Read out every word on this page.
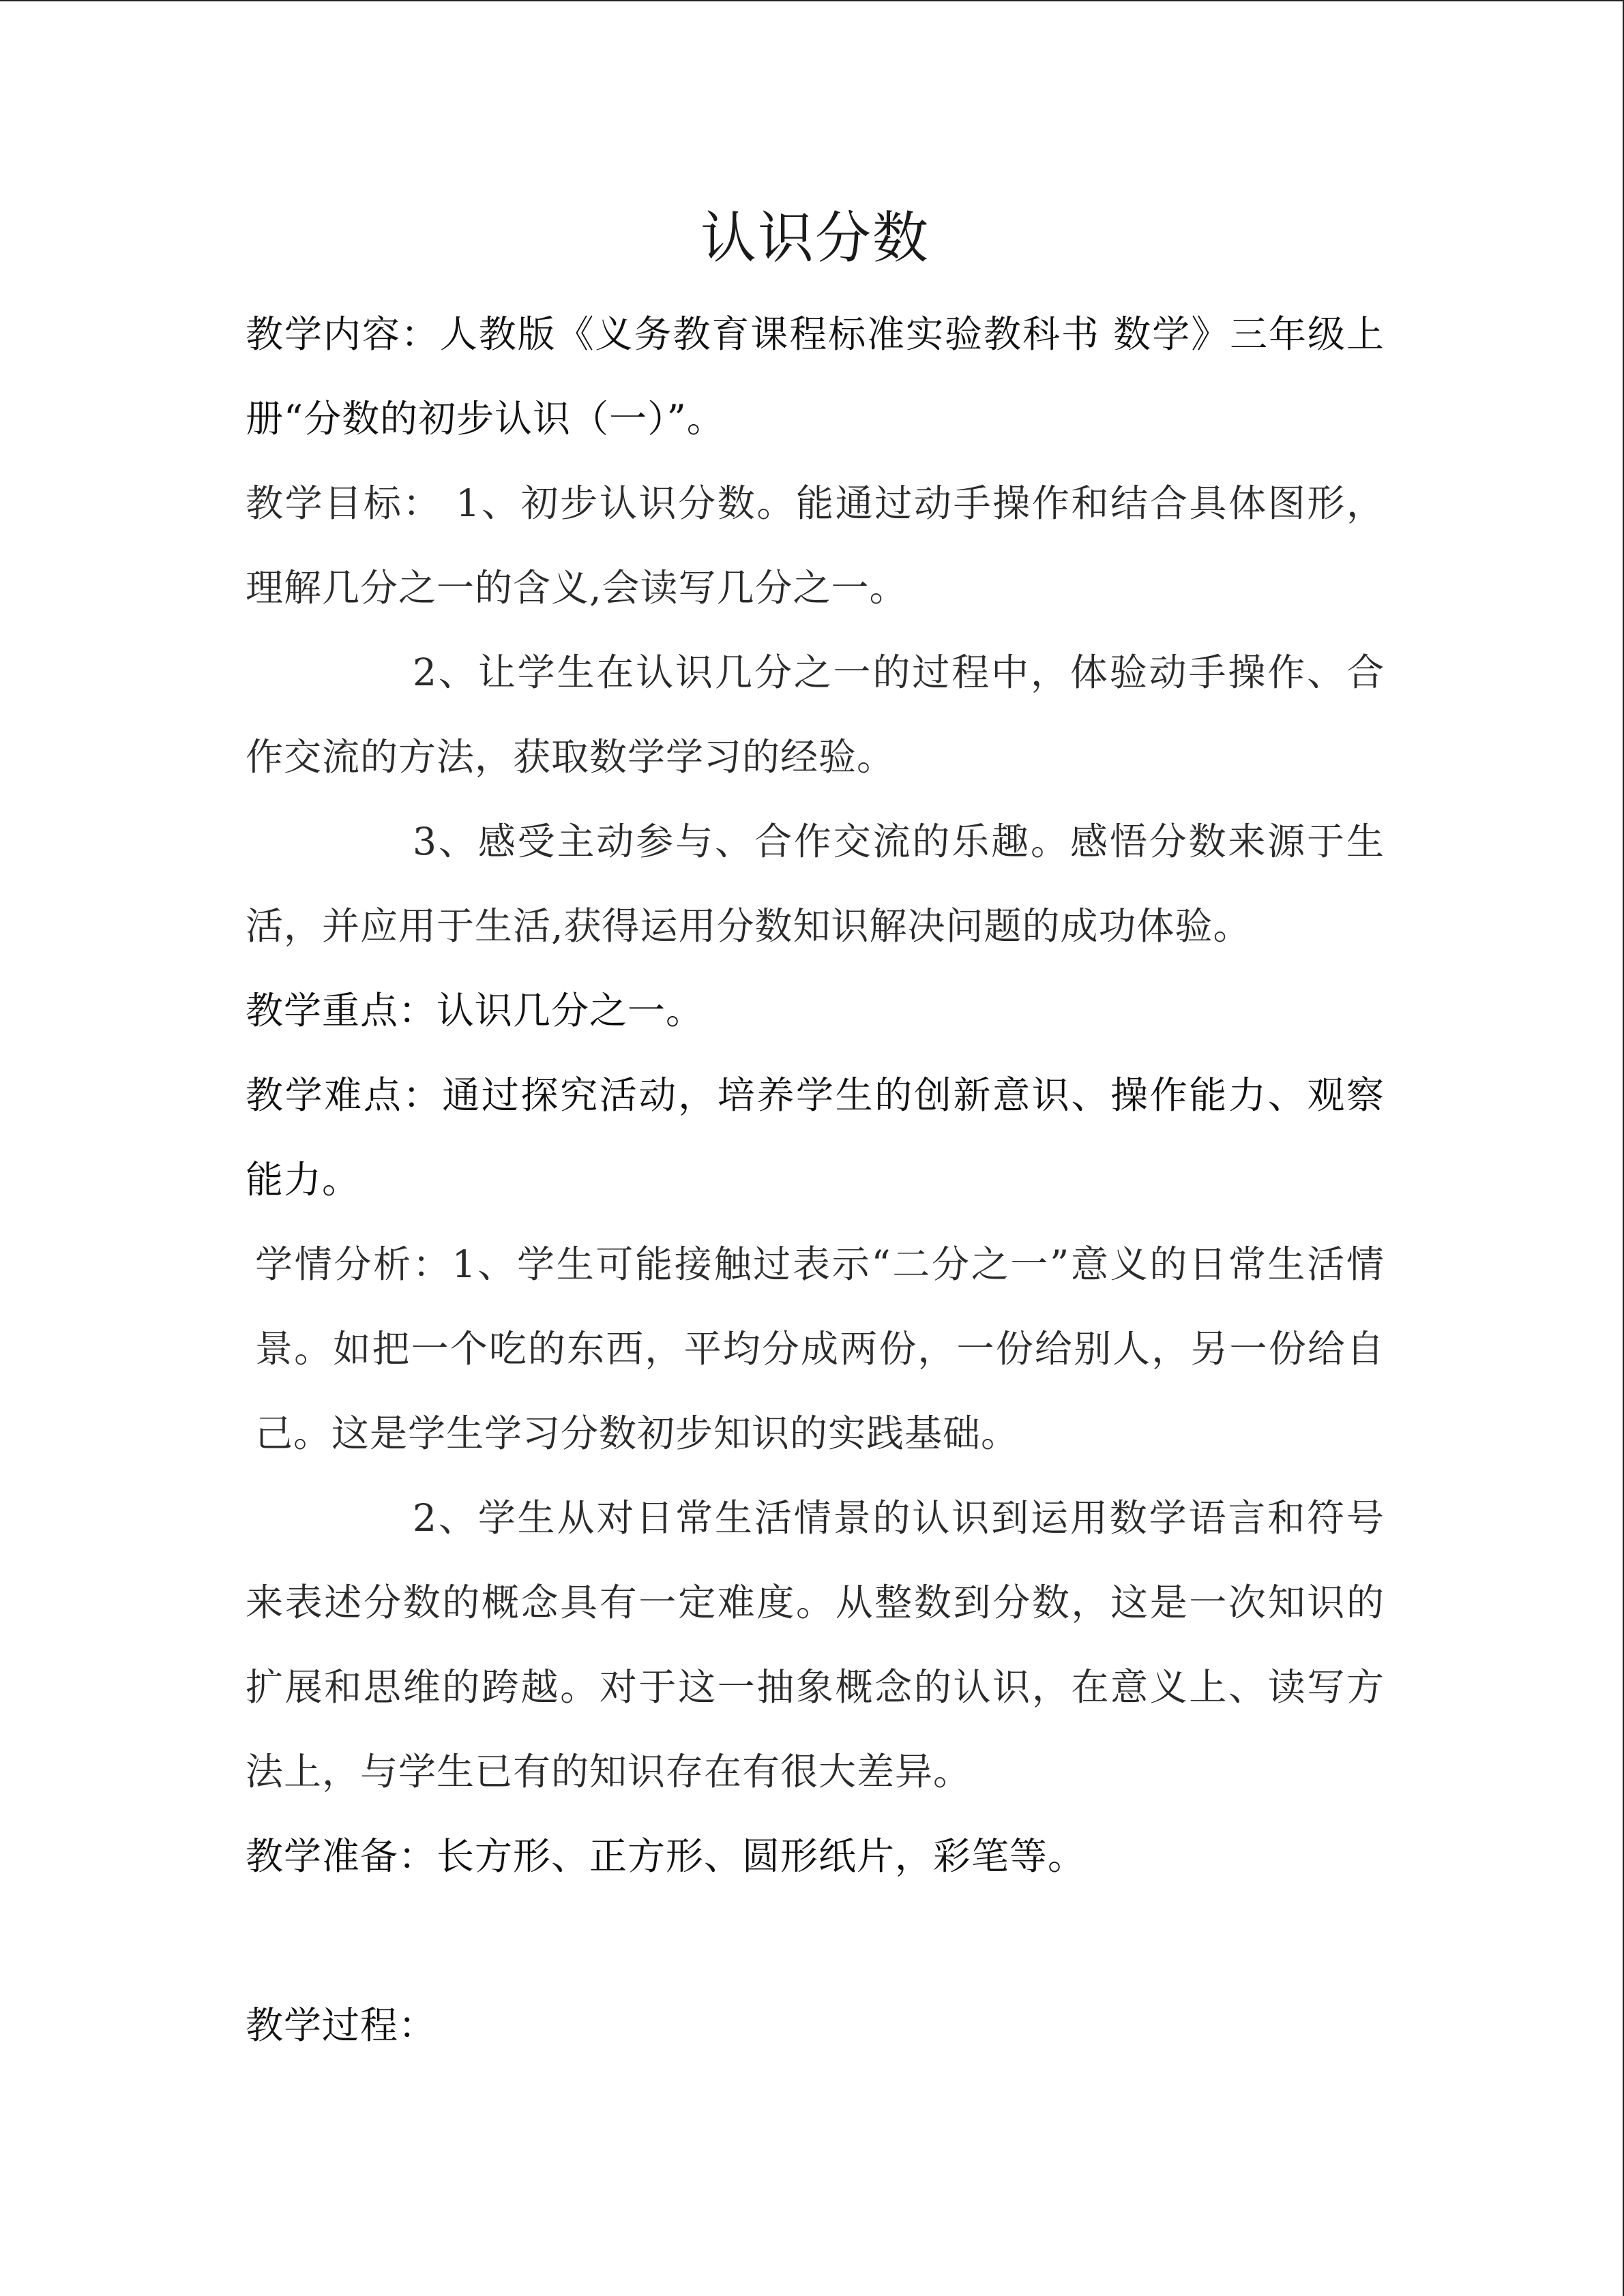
认识分数

教学内容：人教版《义务教育课程标准实验教科书 数学》三年级上册“分数的初步认识（一）”。

教学目标： 1、初步认识分数。能通过动手操作和结合具体图形，理解几分之一的含义,会读写几分之一。

2、让学生在认识几分之一的过程中，体验动手操作、合作交流的方法，获取数学学习的经验。

3、感受主动参与、合作交流的乐趣。感悟分数来源于生活，并应用于生活,获得运用分数知识解决问题的成功体验。

教学重点：认识几分之一。

教学难点：通过探究活动，培养学生的创新意识、操作能力、观察能力。

学情分析：1、学生可能接触过表示“二分之一”意义的日常生活情景。如把一个吃的东西，平均分成两份，一份给别人，另一份给自己。这是学生学习分数初步知识的实践基础。

2、学生从对日常生活情景的认识到运用数学语言和符号来表述分数的概念具有一定难度。从整数到分数，这是一次知识的扩展和思维的跨越。对于这一抽象概念的认识，在意义上、读写方法上，与学生已有的知识存在有很大差异。

教学准备：长方形、正方形、圆形纸片，彩笔等。

教学过程：
